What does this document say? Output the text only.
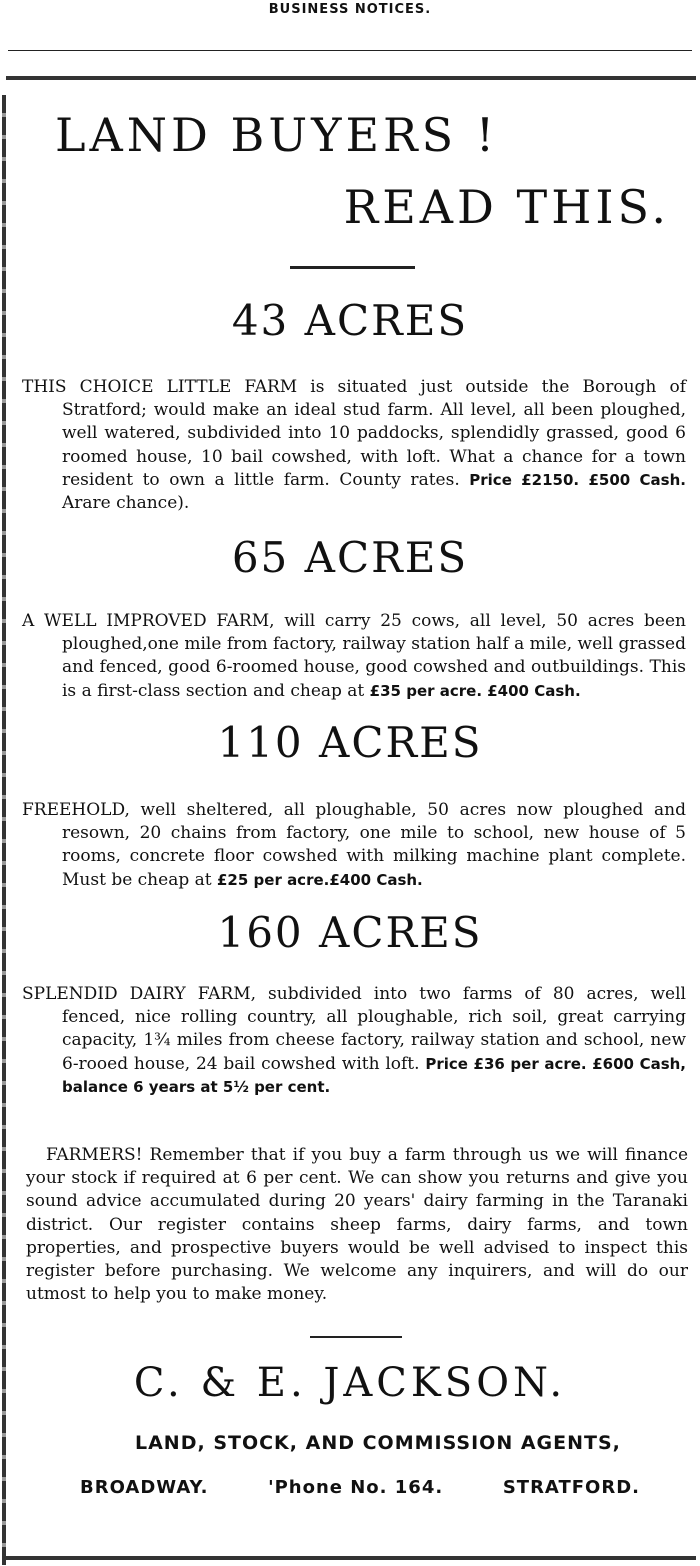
BUSINESS NOTICES.
LAND BUYERS !
READ THIS.
43 ACRES
THIS CHOICE LITTLE FARM is situated just outside the Borough of Stratford; would make an ideal stud farm. All level, all been ploughed, well watered, subdivided into 10 paddocks, splendidly grassed, good 6 roomed house, 10 bail cowshed, with loft. What a chance for a town resident to own a little farm. County rates. Price £2150. £500 Cash. Arare chance).
65 ACRES
A WELL IMPROVED FARM, will carry 25 cows, all level, 50 acres been ploughed,one mile from factory, railway station half a mile, well grassed and fenced, good 6-roomed house, good cowshed and outbuildings. This is a first-class section and cheap at £35 per acre. £400 Cash.
110 ACRES
FREEHOLD, well sheltered, all ploughable, 50 acres now ploughed and resown, 20 chains from factory, one mile to school, new house of 5 rooms, concrete floor cowshed with milking machine plant complete. Must be cheap at £25 per acre.£400 Cash.
160 ACRES
SPLENDID DAIRY FARM, subdivided into two farms of 80 acres, well fenced, nice rolling country, all ploughable, rich soil, great carrying capacity, 1¾ miles from cheese factory, railway station and school, new 6-rooed house, 24 bail cowshed with loft. Price £36 per acre. £600 Cash, balance 6 years at 5½ per cent.
FARMERS! Remember that if you buy a farm through us we will finance your stock if required at 6 per cent. We can show you returns and give you sound advice accumulated during 20 years' dairy farming in the Taranaki district. Our register contains sheep farms, dairy farms, and town properties, and prospective buyers would be well advised to inspect this register before purchasing. We welcome any inquirers, and will do our utmost to help you to make money.
C. & E. JACKSON.
LAND, STOCK, AND COMMISSION AGENTS,
BROADWAY.	'Phone No. 164.	STRATFORD.
